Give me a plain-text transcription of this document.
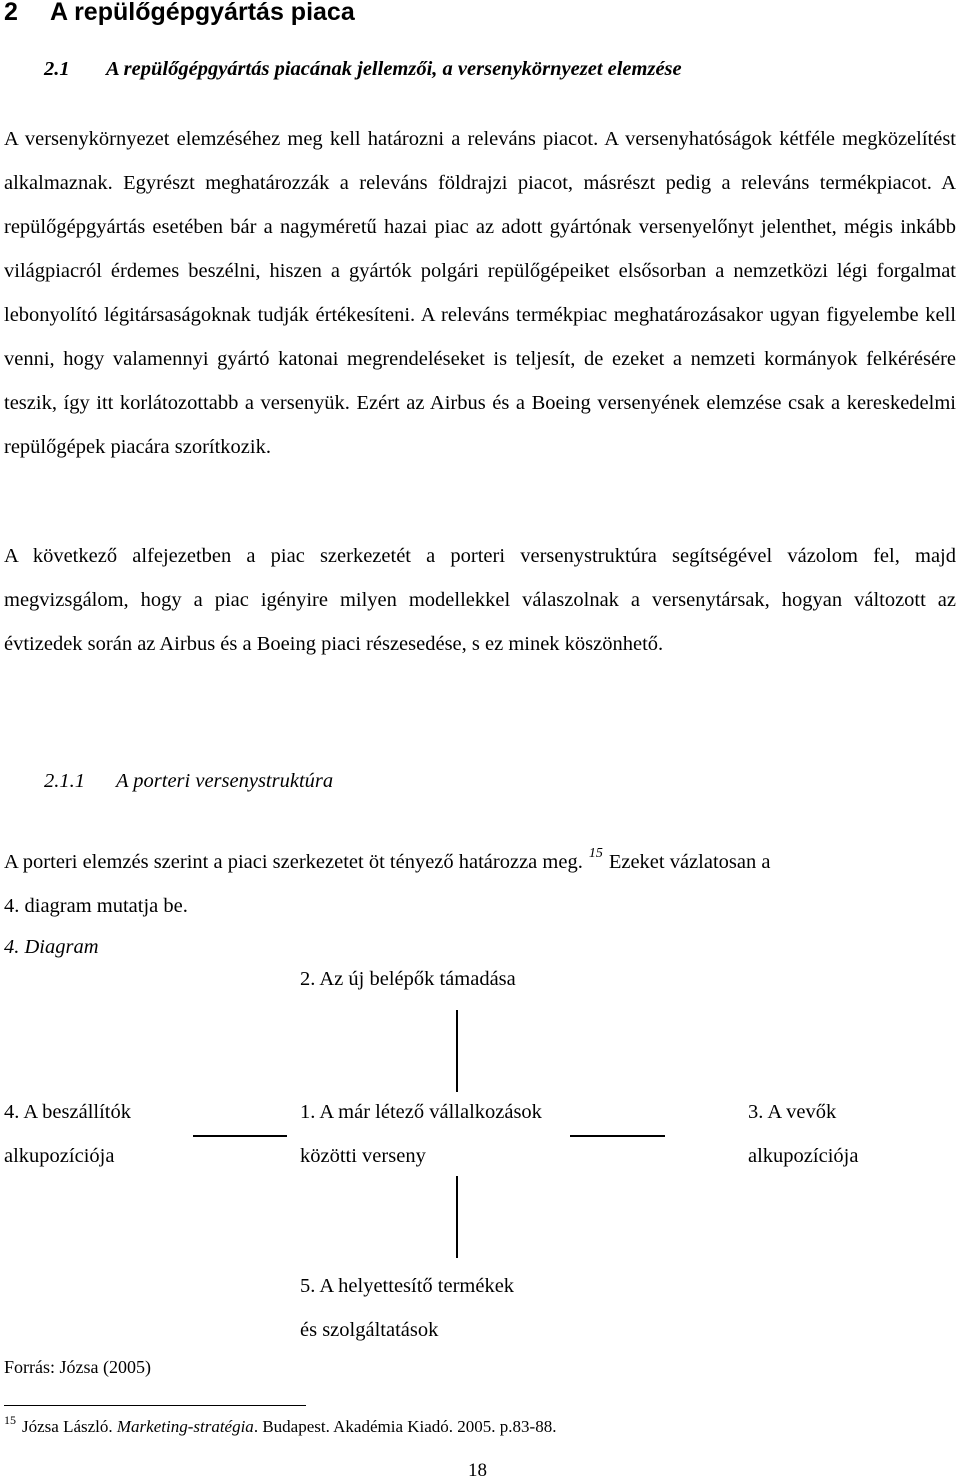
2 A repülőgépgyártás piaca
2.1 A repülőgépgyártás piacának jellemzői, a versenykörnyezet elemzése
A versenykörnyezet elemzéséhez meg kell határozni a releváns piacot. A versenyhatóságok kétféle megközelítést alkalmaznak. Egyrészt meghatározzák a releváns földrajzi piacot, másrészt pedig a releváns termékpiacot. A repülőgépgyártás esetében bár a nagyméretű hazai piac az adott gyártónak versenyelőnyt jelenthet, mégis inkább világpiacról érdemes beszélni, hiszen a gyártók polgári repülőgépeiket elsősorban a nemzetközi légi forgalmat lebonyolító légitársaságoknak tudják értékesíteni. A releváns termékpiac meghatározásakor ugyan figyelembe kell venni, hogy valamennyi gyártó katonai megrendeléseket is teljesít, de ezeket a nemzeti kormányok felkérésére teszik, így itt korlátozottabb a versenyük. Ezért az Airbus és a Boeing versenyének elemzése csak a kereskedelmi repülőgépek piacára szorítkozik.
A következő alfejezetben a piac szerkezetét a porteri versenystruktúra segítségével vázolom fel, majd megvizsgálom, hogy a piac igényire milyen modellekkel válaszolnak a versenytársak, hogyan változott az évtizedek során az Airbus és a Boeing piaci részesedése, s ez minek köszönhető.
2.1.1 A porteri versenystruktúra
A porteri elemzés szerint a piaci szerkezetet öt tényező határozza meg. $^{15}$ Ezeket vázlatosan a
4. diagram mutatja be.
4. Diagram
2. Az új belépők támadása
4. A beszállítók
alkupozíciója
1. A már létező vállalkozások
közötti verseny
3. A vevők
alkupozíciója
5. A helyettesítő termékek
és szolgáltatások
Forrás: Józsa (2005)
$^{15}$ Józsa László. Marketing-stratégia. Budapest. Akadémia Kiadó. 2005. p.83-88.
18
